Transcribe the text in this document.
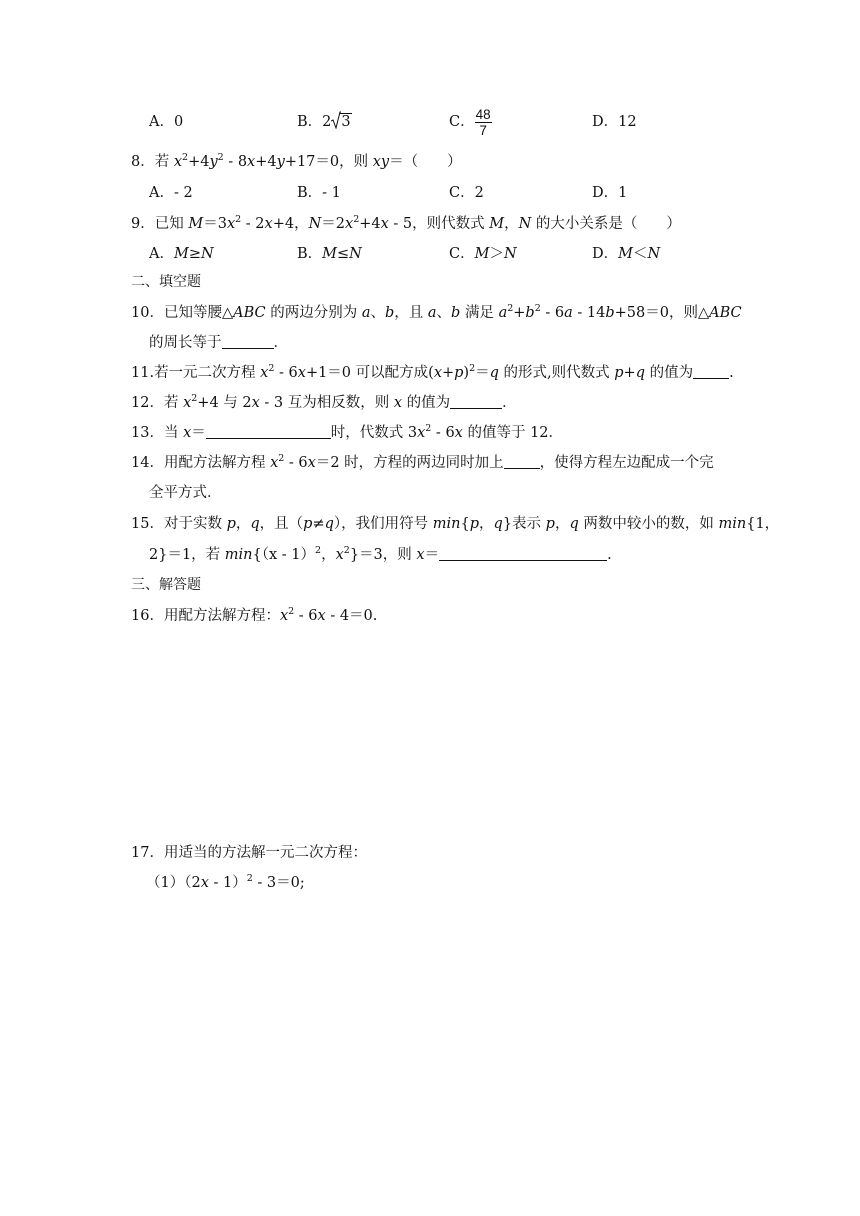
A．0	B．2 3	C． $\frac{48}{7}$	D．12
8．若 $x^2+4y^2$ ‑ 8x+4y+17＝0，则 xy＝（　　）
A．‑ 2	B．‑ 1	C．2	D．1
9．已知 $M=3x^2$ ‑ 2x+4，$N=2x^2+4x$ ‑ 5，则代数式 M，N 的大小关系是（　　）
A．M≥N	B．M≤N	C．M＞N	D．M＜N
二、填空题
10．已知等腰△ABC 的两边分别为 a、b，且 a、b 满足 $a^2+b^2$ ‑ 6a ‑ 14b+58＝0，则△ABC
的周长等于	．
11.若一元二次方程 $x^2$ ‑ 6x+1＝0 可以配方成$(x+p)^2=q$ 的形式,则代数式 p+q 的值为 .
12．若 $x^2+4$ 与 2x ‑ 3 互为相反数，则 x 的值为	．
13．当 x＝	时，代数式 $3x^2$ ‑ 6x 的值等于 12．
14．用配方法解方程 $x^2$ ‑ 6x＝2 时，方程的两边同时加上 ，使得方程左边配成一个完
全平方式．
15．对于实数 p，q，且（p≠q），我们用符号 min{p，q}表示 p，q 两数中较小的数，如 min{1，
2}＝1，若 min{（x ‑ 1）$^2$，$x^2\}=3$，则 x＝	.
三、解答题
16．用配方法解方程：$x^2$ ‑ 6x ‑ 4＝0.
17．用适当的方法解一元二次方程：
（1）（2x ‑ 1）$^2$ ‑ 3＝0;
